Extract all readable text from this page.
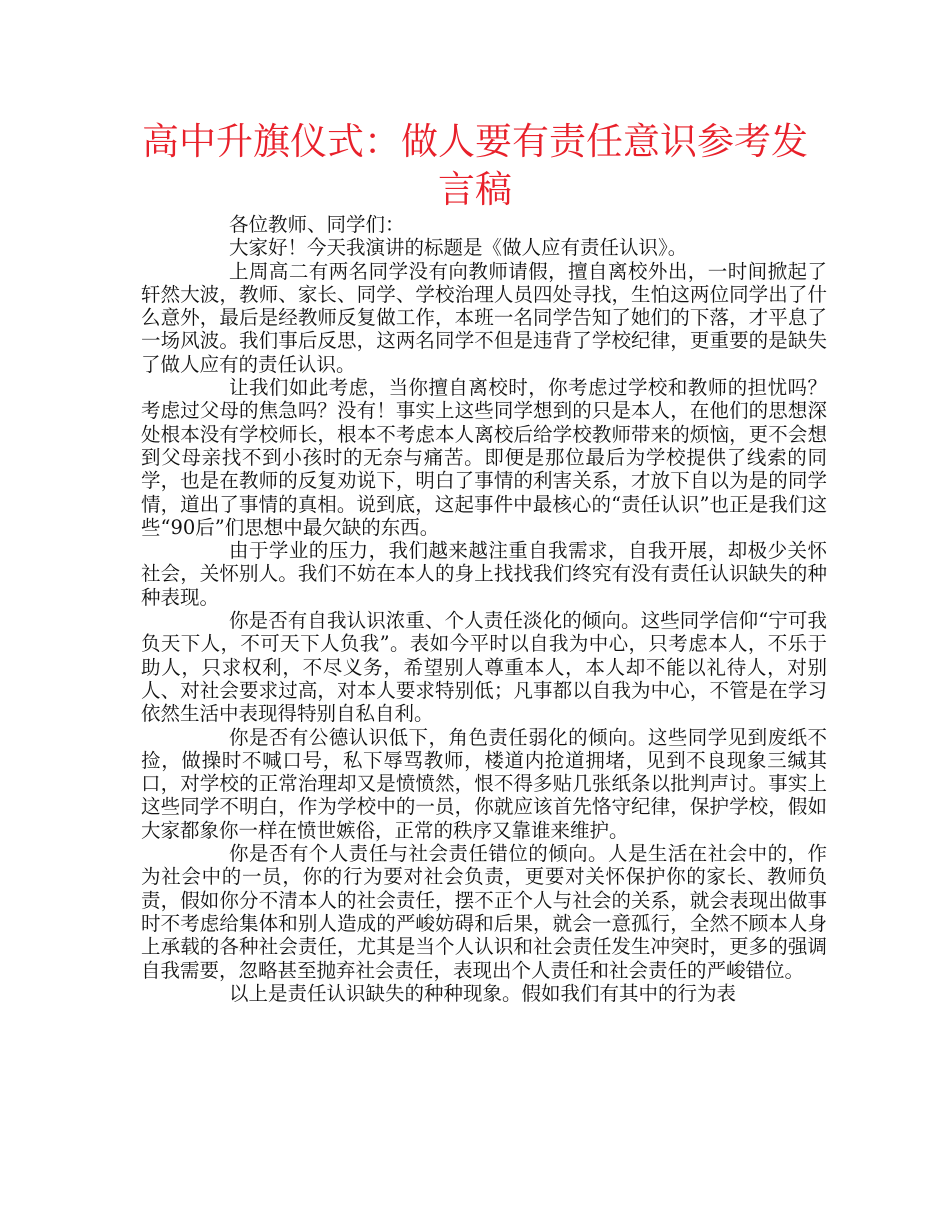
高中升旗仪式：做人要有责任意识参考发言稿

各位教师、同学们：

大家好！今天我演讲的标题是《做人应有责任认识》。

上周高二有两名同学没有向教师请假，擅自离校外出，一时间掀起了轩然大波，教师、家长、同学、学校治理人员四处寻找，生怕这两位同学出了什么意外，最后是经教师反复做工作，本班一名同学告知了她们的下落，才平息了一场风波。我们事后反思，这两名同学不但是违背了学校纪律，更重要的是缺失了做人应有的责任认识。

让我们如此考虑，当你擅自离校时，你考虑过学校和教师的担忧吗？考虑过父母的焦急吗？没有！事实上这些同学想到的只是本人，在他们的思想深处根本没有学校师长，根本不考虑本人离校后给学校教师带来的烦恼，更不会想到父母亲找不到小孩时的无奈与痛苦。即便是那位最后为学校提供了线索的同学，也是在教师的反复劝说下，明白了事情的利害关系，才放下自以为是的同学情，道出了事情的真相。说到底，这起事件中最核心的“责任认识”也正是我们这些“90后”们思想中最欠缺的东西。

由于学业的压力，我们越来越注重自我需求，自我开展，却极少关怀社会，关怀别人。我们不妨在本人的身上找找我们终究有没有责任认识缺失的种种表现。

你是否有自我认识浓重、个人责任淡化的倾向。这些同学信仰“宁可我负天下人，不可天下人负我”。表如今平时以自我为中心，只考虑本人，不乐于助人，只求权利，不尽义务，希望别人尊重本人，本人却不能以礼待人，对别人、对社会要求过高，对本人要求特别低；凡事都以自我为中心，不管是在学习依然生活中表现得特别自私自利。

你是否有公德认识低下，角色责任弱化的倾向。这些同学见到废纸不捡，做操时不喊口号，私下辱骂教师，楼道内抢道拥堵，见到不良现象三缄其口，对学校的正常治理却又是愤愤然，恨不得多贴几张纸条以批判声讨。事实上这些同学不明白，作为学校中的一员，你就应该首先恪守纪律，保护学校，假如大家都象你一样在愤世嫉俗，正常的秩序又靠谁来维护。

你是否有个人责任与社会责任错位的倾向。人是生活在社会中的，作为社会中的一员，你的行为要对社会负责，更要对关怀保护你的家长、教师负责，假如你分不清本人的社会责任，摆不正个人与社会的关系，就会表现出做事时不考虑给集体和别人造成的严峻妨碍和后果，就会一意孤行，全然不顾本人身上承载的各种社会责任，尤其是当个人认识和社会责任发生冲突时，更多的强调自我需要，忽略甚至抛弃社会责任，表现出个人责任和社会责任的严峻错位。

以上是责任认识缺失的种种现象。假如我们有其中的行为表
